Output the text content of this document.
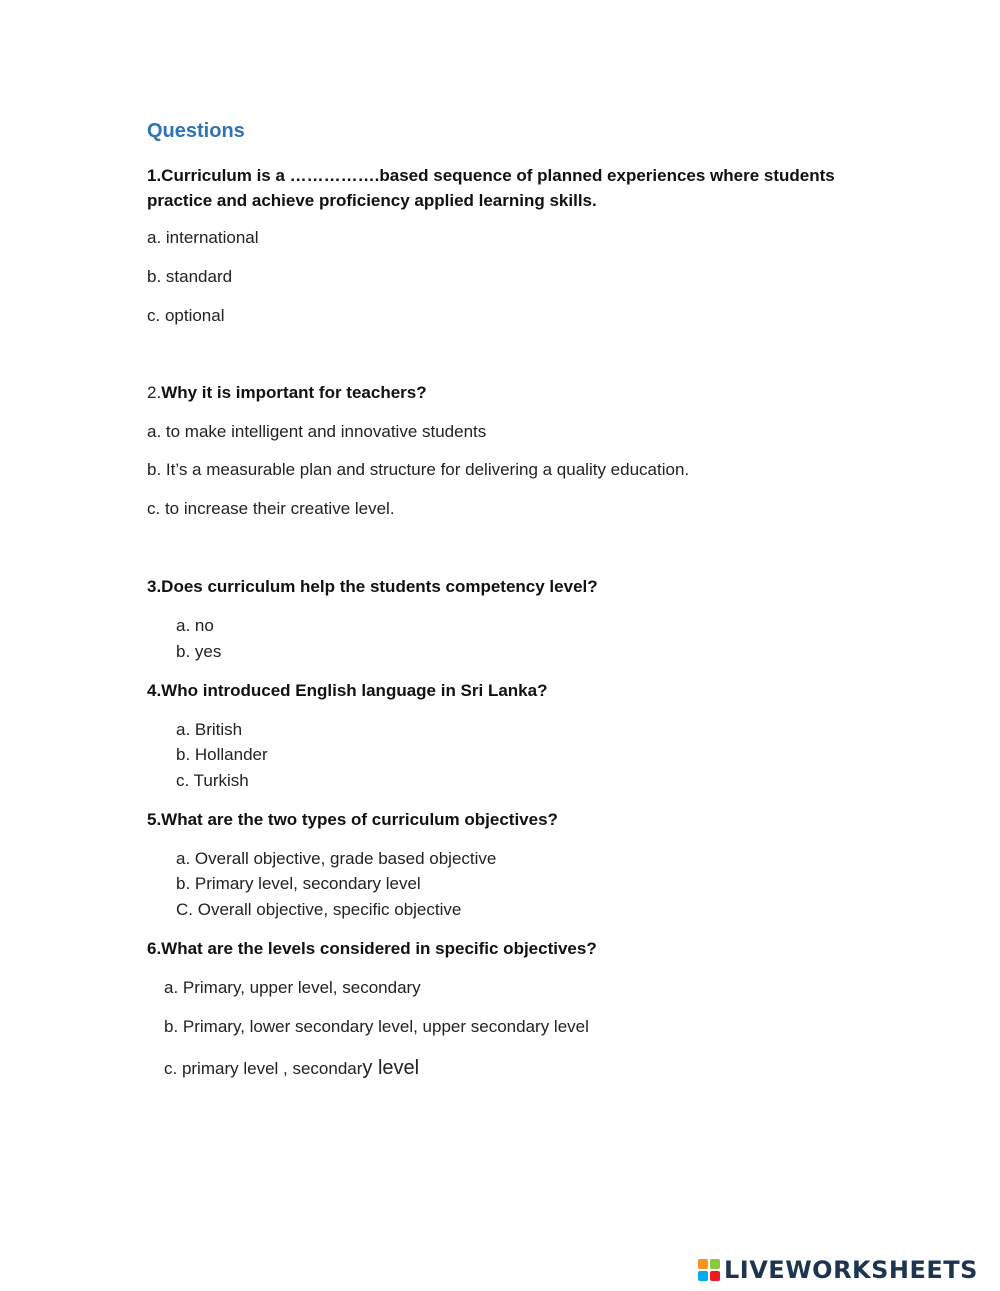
Questions
1.Curriculum is a …………….based sequence of planned experiences where students practice and achieve proficiency applied learning skills.
a. international
b. standard
c. optional
2.Why it is important for teachers?
a. to make intelligent and innovative students
b. It’s a measurable plan and structure for delivering a quality education.
c. to increase their creative level.
3.Does curriculum help the students competency level?
a. no
b. yes
4.Who introduced English language in Sri Lanka?
a. British
b. Hollander
c. Turkish
5.What are the two types of curriculum objectives?
a. Overall objective, grade based objective
b. Primary level, secondary level
C. Overall objective, specific objective
6.What are the levels considered in specific objectives?
a. Primary, upper level, secondary
b. Primary, lower secondary level, upper secondary level
c. primary level , secondary level
LIVEWORKSHEETS
